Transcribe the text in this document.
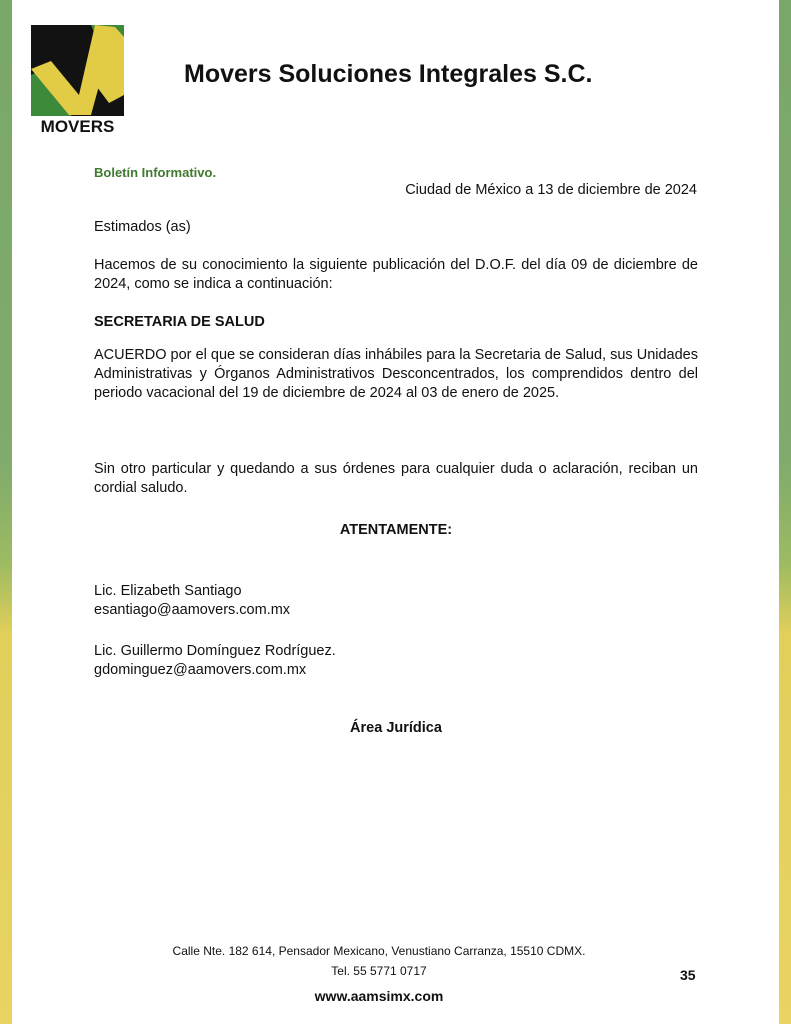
MOVERS
Movers Soluciones Integrales S.C.
Boletín Informativo.
Ciudad de México a 13 de diciembre de 2024
Estimados (as)
Hacemos de su conocimiento la siguiente publicación del D.O.F. del día 09 de diciembre de 2024, como se indica a continuación:
SECRETARIA DE SALUD
ACUERDO por el que se consideran días inhábiles para la Secretaria de Salud, sus Unidades Administrativas y Órganos Administrativos Desconcentrados, los comprendidos dentro del periodo vacacional del 19 de diciembre de 2024 al 03 de enero de 2025.
Sin otro particular y quedando a sus órdenes para cualquier duda o aclaración, reciban un cordial saludo.
ATENTAMENTE:
Lic. Elizabeth Santiago
esantiago@aamovers.com.mx
Lic. Guillermo Domínguez Rodríguez.
gdominguez@aamovers.com.mx
Área Jurídica
Calle Nte. 182 614, Pensador Mexicano, Venustiano Carranza, 15510 CDMX.
Tel. 55 5771 0717
www.aamsimx.com
35
